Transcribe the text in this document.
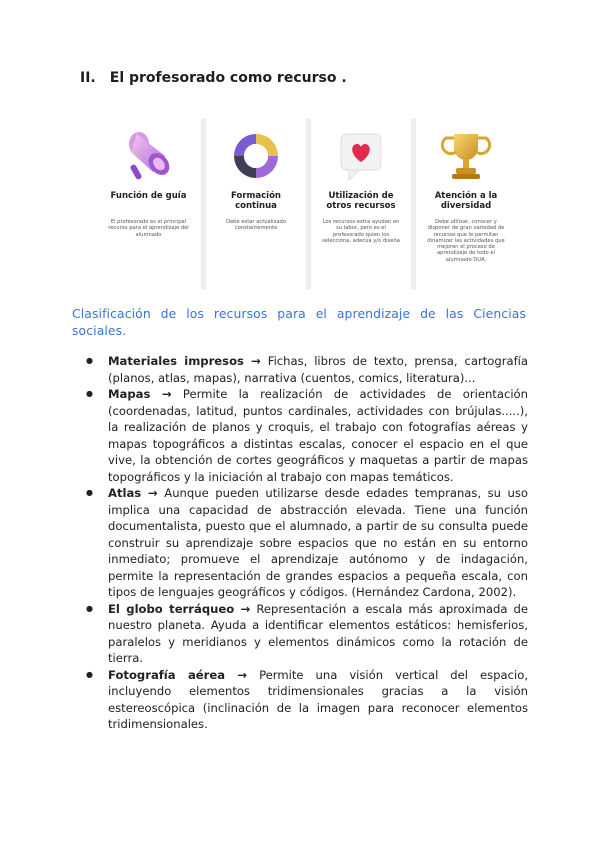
II. El profesorado como recurso .
Función de guía
El profesorado es el principal recurso para el aprendizaje del alumnado
Formación continua
Debe estar actualizado constantemente
Utilización de otros recursos
Los recursos extra ayudan en su labor, pero es el profesorado quien los selecciona, adecúa y/o diseña
Atención a la diversidad
Debe utilizar, conocer y disponer de gran variedad de recursos que le permitan dinamizar las actividades que mejoren el proceso de aprendizaje de todo el alumnado DUA.
Clasificación de los recursos para el aprendizaje de las Ciencias sociales.
● Materiales impresos → Fichas, libros de texto, prensa, cartografía (planos, atlas, mapas), narrativa (cuentos, comics, literatura)...
● Mapas → Permite la realización de actividades de orientación (coordenadas, latitud, puntos cardinales, actividades con brújulas.....), la realización de planos y croquis, el trabajo con fotografías aéreas y mapas topográficos a distintas escalas, conocer el espacio en el que vive, la obtención de cortes geográficos y maquetas a partir de mapas topográficos y la iniciación al trabajo con mapas temáticos.
● Atlas → Aunque pueden utilizarse desde edades tempranas, su uso implica una capacidad de abstracción elevada. Tiene una función documentalista, puesto que el alumnado, a partir de su consulta puede construir su aprendizaje sobre espacios que no están en su entorno inmediato; promueve el aprendizaje autónomo y de indagación, permite la representación de grandes espacios a pequeña escala, con tipos de lenguajes geográficos y códigos. (Hernández Cardona, 2002).
● El globo terráqueo → Representación a escala más aproximada de nuestro planeta. Ayuda a identificar elementos estáticos: hemisferios, paralelos y meridianos y elementos dinámicos como la rotación de tierra.
● Fotografía aérea → Permite una visión vertical del espacio, incluyendo elementos tridimensionales gracias a la visión estereoscópica (inclinación de la imagen para reconocer elementos tridimensionales.
